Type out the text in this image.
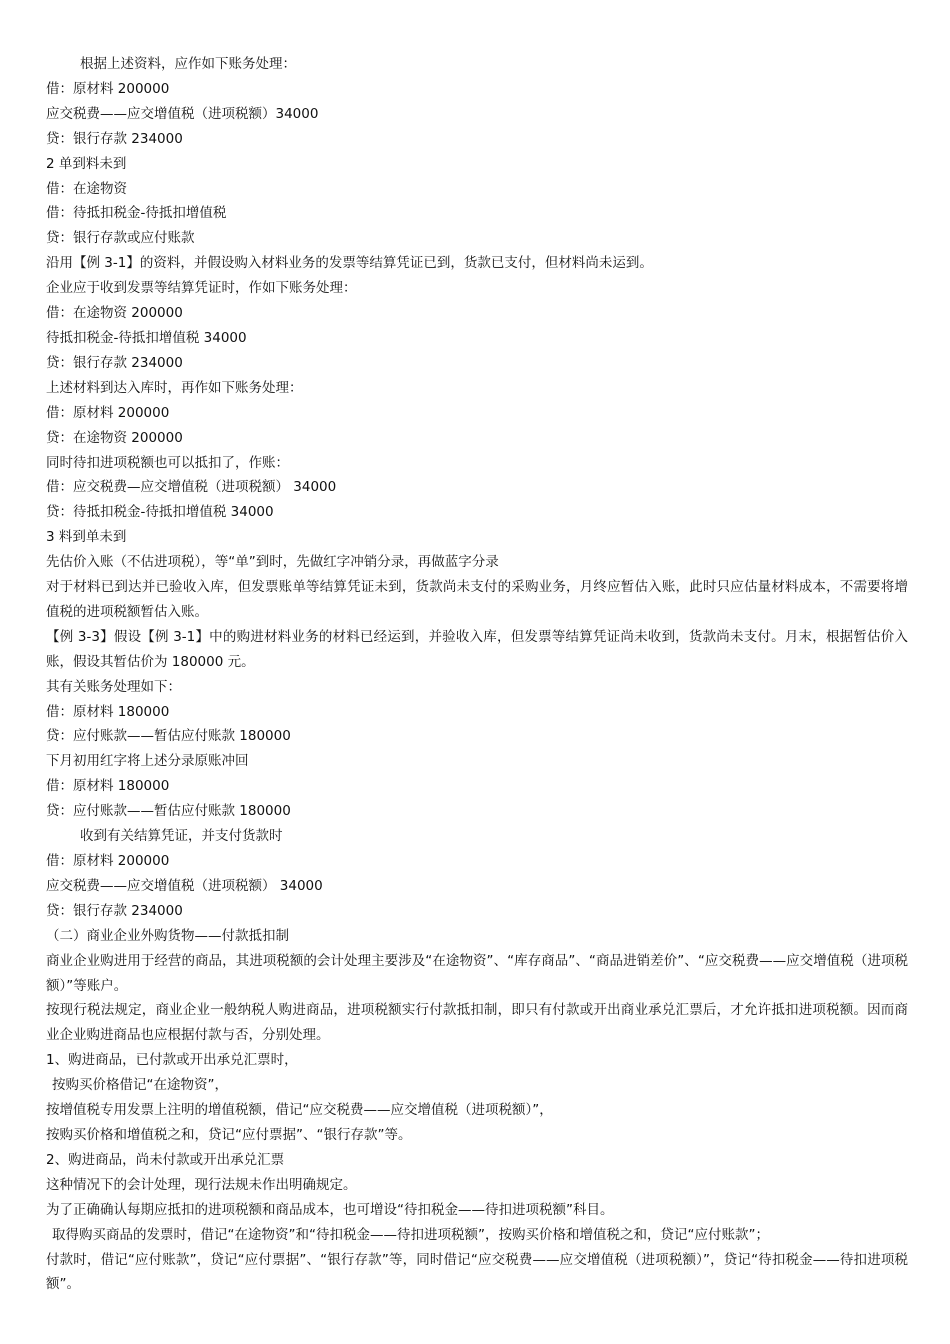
根据上述资料，应作如下账务处理：
借：原材料 200000
应交税费——应交增值税（进项税额）34000
贷：银行存款 234000
2 单到料未到
借：在途物资
借：待抵扣税金-待抵扣增值税
贷：银行存款或应付账款
沿用【例 3-1】的资料，并假设购入材料业务的发票等结算凭证已到，货款已支付，但材料尚未运到。
企业应于收到发票等结算凭证时，作如下账务处理：
借：在途物资 200000
待抵扣税金-待抵扣增值税 34000
贷：银行存款 234000
上述材料到达入库时，再作如下账务处理：
借：原材料 200000
贷：在途物资 200000
同时待扣进项税额也可以抵扣了，作账：
借：应交税费—应交增值税（进项税额） 34000
贷：待抵扣税金-待抵扣增值税 34000
3 料到单未到
先估价入账（不估进项税），等“单”到时，先做红字冲销分录，再做蓝字分录
对于材料已到达并已验收入库，但发票账单等结算凭证未到，货款尚未支付的采购业务，月终应暂估入账，此时只应估量材料成本，不需要将增值税的进项税额暂估入账。
【例 3-3】假设【例 3-1】中的购进材料业务的材料已经运到，并验收入库，但发票等结算凭证尚未收到，货款尚未支付。月末，根据暂估价入账，假设其暂估价为 180000 元。
其有关账务处理如下：
借：原材料 180000
贷：应付账款——暂估应付账款 180000
下月初用红字将上述分录原账冲回
借：原材料 180000
贷：应付账款——暂估应付账款 180000
收到有关结算凭证，并支付货款时
借：原材料 200000
应交税费——应交增值税（进项税额） 34000
贷：银行存款 234000
（二）商业企业外购货物——付款抵扣制
商业企业购进用于经营的商品，其进项税额的会计处理主要涉及“在途物资”、“库存商品”、“商品进销差价”、“应交税费——应交增值税（进项税额）”等账户。
按现行税法规定，商业企业一般纳税人购进商品，进项税额实行付款抵扣制，即只有付款或开出商业承兑汇票后，才允许抵扣进项税额。因而商业企业购进商品也应根据付款与否，分别处理。
1、购进商品，已付款或开出承兑汇票时，
按购买价格借记“在途物资”，
按增值税专用发票上注明的增值税额，借记“应交税费——应交增值税（进项税额）”，
按购买价格和增值税之和，贷记“应付票据”、“银行存款”等。
2、购进商品，尚未付款或开出承兑汇票
这种情况下的会计处理，现行法规未作出明确规定。
为了正确确认每期应抵扣的进项税额和商品成本，也可增设“待扣税金——待扣进项税额”科目。
取得购买商品的发票时，借记“在途物资”和“待扣税金——待扣进项税额”，按购买价格和增值税之和，贷记“应付账款”；
付款时，借记“应付账款”，贷记“应付票据”、“银行存款”等，同时借记“应交税费——应交增值税（进项税额）”，贷记“待扣税金——待扣进项税额”。
